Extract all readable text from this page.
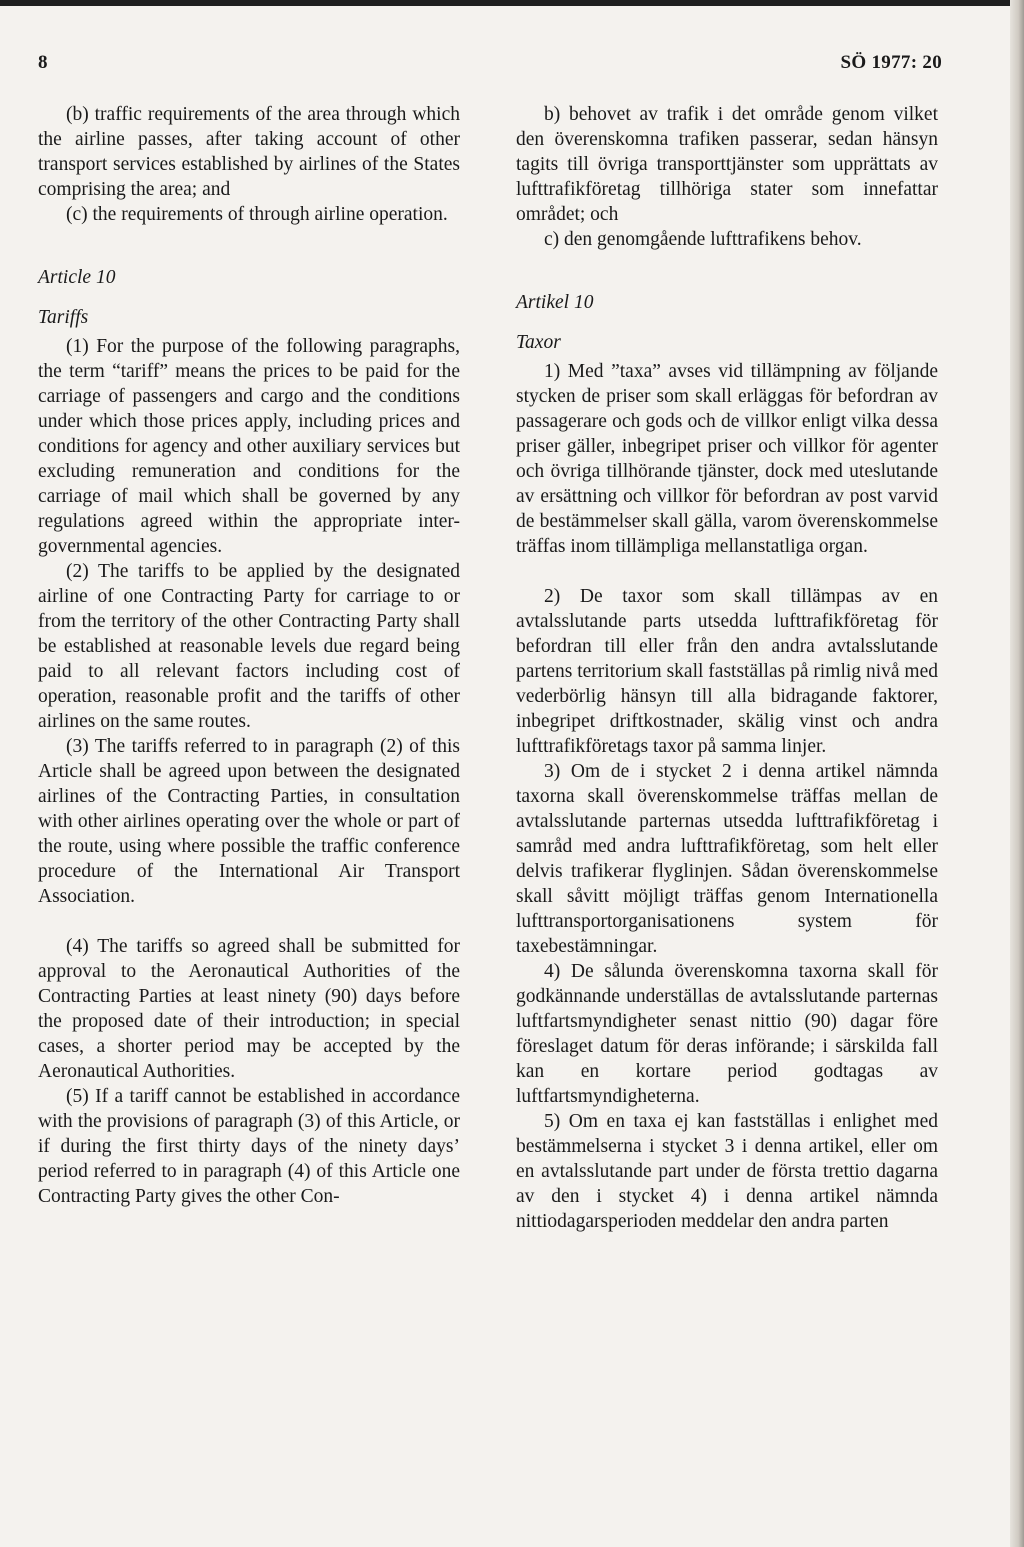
8	SÖ 1977: 20

(b) traffic requirements of the area through which the airline passes, after taking account of other transport services established by airlines of the States comprising the area; and

(c) the requirements of through airline operation.

Article 10

Tariffs

(1) For the purpose of the following paragraphs, the term “tariff” means the prices to be paid for the carriage of passengers and cargo and the conditions under which those prices apply, including prices and conditions for agency and other auxiliary services but excluding remuneration and conditions for the carriage of mail which shall be governed by any regulations agreed within the appropriate inter-governmental agencies.

(2) The tariffs to be applied by the designated airline of one Contracting Party for carriage to or from the territory of the other Contracting Party shall be established at reasonable levels due regard being paid to all relevant factors including cost of operation, reasonable profit and the tariffs of other airlines on the same routes.

(3) The tariffs referred to in paragraph (2) of this Article shall be agreed upon between the designated airlines of the Contracting Parties, in consultation with other airlines operating over the whole or part of the route, using where possible the traffic conference procedure of the International Air Transport Association.

(4) The tariffs so agreed shall be submitted for approval to the Aeronautical Authorities of the Contracting Parties at least ninety (90) days before the proposed date of their introduction; in special cases, a shorter period may be accepted by the Aeronautical Authorities.

(5) If a tariff cannot be established in accordance with the provisions of paragraph (3) of this Article, or if during the first thirty days of the ninety days’ period referred to in paragraph (4) of this Article one Contracting Party gives the other Con-

b) behovet av trafik i det område genom vilket den överenskomna trafiken passerar, sedan hänsyn tagits till övriga transporttjänster som upprättats av lufttrafikföretag tillhöriga stater som innefattar området; och

c) den genomgående lufttrafikens behov.

Artikel 10

Taxor

1) Med ”taxa” avses vid tillämpning av följande stycken de priser som skall erläggas för befordran av passagerare och gods och de villkor enligt vilka dessa priser gäller, inbegripet priser och villkor för agenter och övriga tillhörande tjänster, dock med uteslutande av ersättning och villkor för befordran av post varvid de bestämmelser skall gälla, varom överenskommelse träffas inom tillämpliga mellanstatliga organ.

2) De taxor som skall tillämpas av en avtalsslutande parts utsedda lufttrafikföretag för befordran till eller från den andra avtalsslutande partens territorium skall fastställas på rimlig nivå med vederbörlig hänsyn till alla bidragande faktorer, inbegripet driftkostnader, skälig vinst och andra lufttrafikföretags taxor på samma linjer.

3) Om de i stycket 2 i denna artikel nämnda taxorna skall överenskommelse träffas mellan de avtalsslutande parternas utsedda lufttrafikföretag i samråd med andra lufttrafikföretag, som helt eller delvis trafikerar flyglinjen. Sådan överenskommelse skall såvitt möjligt träffas genom Internationella lufttransportorganisationens system för taxebestämningar.

4) De sålunda överenskomna taxorna skall för godkännande underställas de avtalsslutande parternas luftfartsmyndigheter senast nittio (90) dagar före föreslaget datum för deras införande; i särskilda fall kan en kortare period godtagas av luftfartsmyndigheterna.

5) Om en taxa ej kan fastställas i enlighet med bestämmelserna i stycket 3 i denna artikel, eller om en avtalsslutande part under de första trettio dagarna av den i stycket 4) i denna artikel nämnda nittiodagarsperioden meddelar den andra parten
